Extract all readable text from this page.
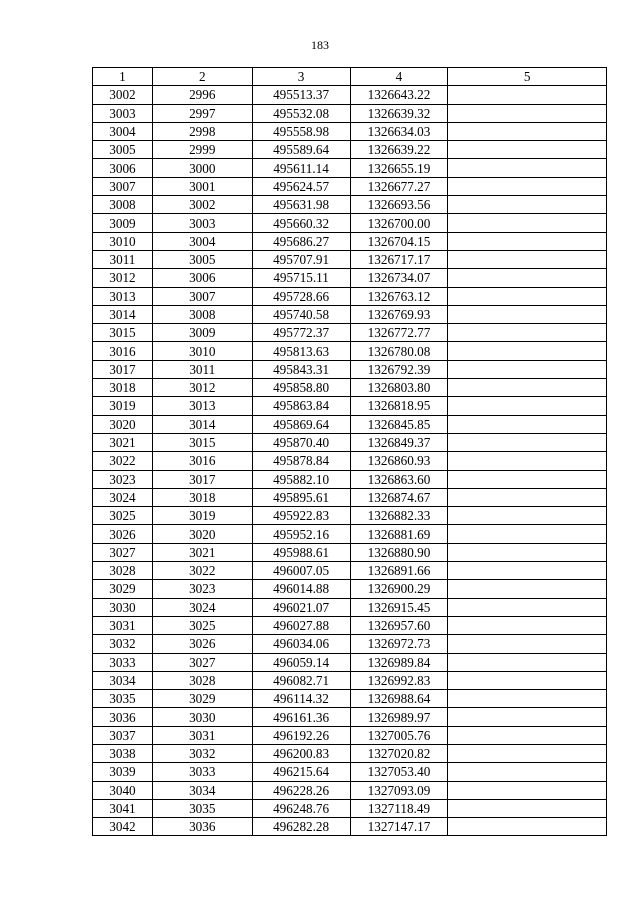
183
1	2	3	4	5
3002	2996	495513.37	1326643.22	
3003	2997	495532.08	1326639.32	
3004	2998	495558.98	1326634.03	
3005	2999	495589.64	1326639.22	
3006	3000	495611.14	1326655.19	
3007	3001	495624.57	1326677.27	
3008	3002	495631.98	1326693.56	
3009	3003	495660.32	1326700.00	
3010	3004	495686.27	1326704.15	
3011	3005	495707.91	1326717.17	
3012	3006	495715.11	1326734.07	
3013	3007	495728.66	1326763.12	
3014	3008	495740.58	1326769.93	
3015	3009	495772.37	1326772.77	
3016	3010	495813.63	1326780.08	
3017	3011	495843.31	1326792.39	
3018	3012	495858.80	1326803.80	
3019	3013	495863.84	1326818.95	
3020	3014	495869.64	1326845.85	
3021	3015	495870.40	1326849.37	
3022	3016	495878.84	1326860.93	
3023	3017	495882.10	1326863.60	
3024	3018	495895.61	1326874.67	
3025	3019	495922.83	1326882.33	
3026	3020	495952.16	1326881.69	
3027	3021	495988.61	1326880.90	
3028	3022	496007.05	1326891.66	
3029	3023	496014.88	1326900.29	
3030	3024	496021.07	1326915.45	
3031	3025	496027.88	1326957.60	
3032	3026	496034.06	1326972.73	
3033	3027	496059.14	1326989.84	
3034	3028	496082.71	1326992.83	
3035	3029	496114.32	1326988.64	
3036	3030	496161.36	1326989.97	
3037	3031	496192.26	1327005.76	
3038	3032	496200.83	1327020.82	
3039	3033	496215.64	1327053.40	
3040	3034	496228.26	1327093.09	
3041	3035	496248.76	1327118.49	
3042	3036	496282.28	1327147.17	
